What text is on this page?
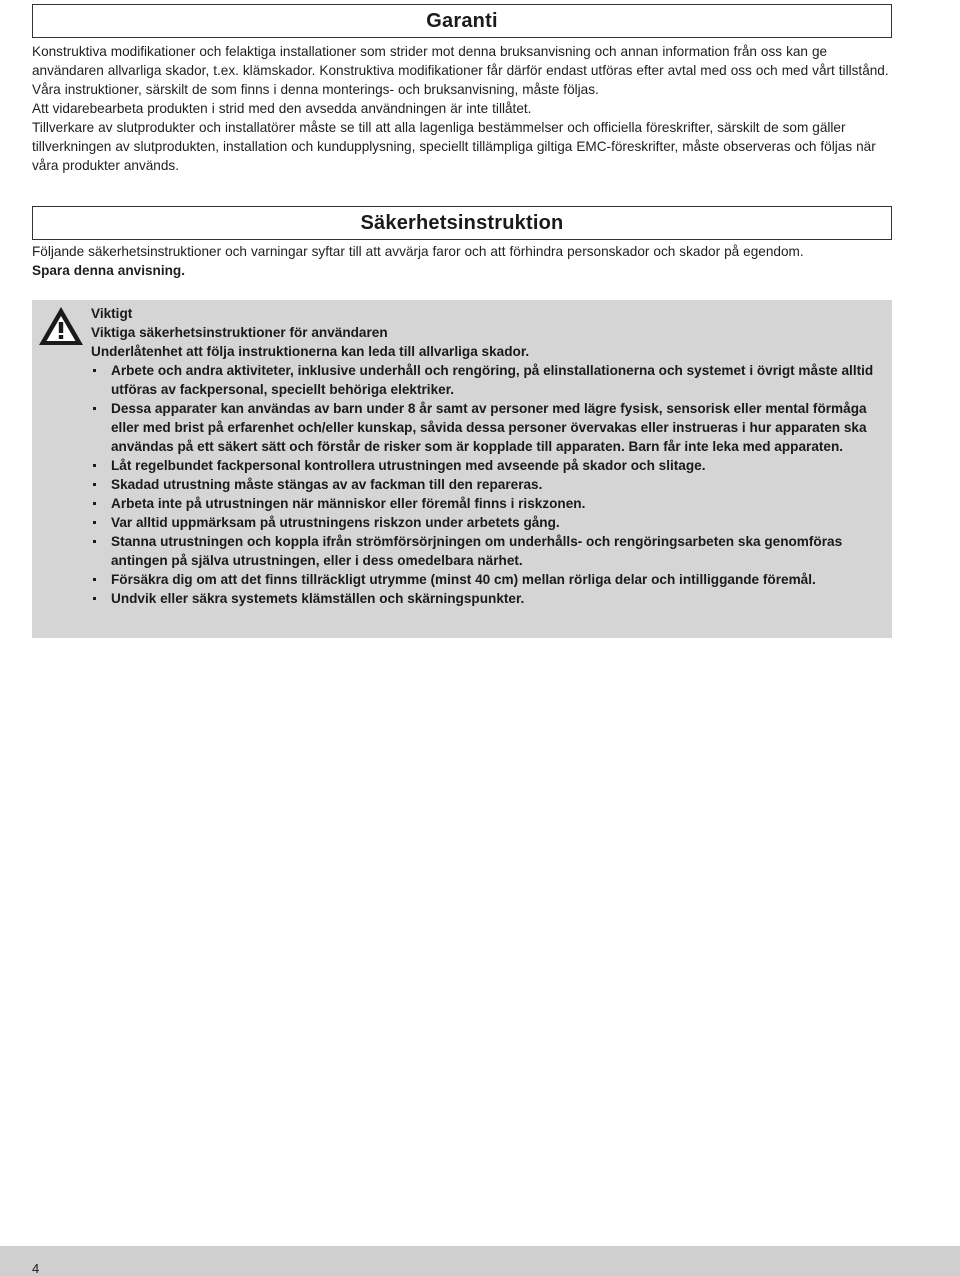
Garanti

Konstruktiva modifikationer och felaktiga installationer som strider mot denna bruksanvisning och annan information från oss kan ge användaren allvarliga skador, t.ex. klämskador. Konstruktiva modifikationer får därför endast utföras efter avtal med oss och med vårt tillstånd. Våra instruktioner, särskilt de som finns i denna monterings- och bruksanvisning, måste följas.

Att vidarebearbeta produkten i strid med den avsedda användningen är inte tillåtet.

Tillverkare av slutprodukter och installatörer måste se till att alla lagenliga bestämmelser och officiella föreskrifter, särskilt de som gäller tillverkningen av slutprodukten, installation och kundupplysning, speciellt tillämpliga giltiga EMC-föreskrifter, måste observeras och följas när våra produkter används.

Säkerhetsinstruktion

Följande säkerhetsinstruktioner och varningar syftar till att avvärja faror och att förhindra personskador och skador på egendom.

Spara denna anvisning.

Viktigt

Viktiga säkerhetsinstruktioner för användaren

Underlåtenhet att följa instruktionerna kan leda till allvarliga skador.

Arbete och andra aktiviteter, inklusive underhåll och rengöring, på elinstallationerna och systemet i övrigt måste alltid utföras av fackpersonal, speciellt behöriga elektriker.
Dessa apparater kan användas av barn under 8 år samt av personer med lägre fysisk, sensorisk eller mental förmåga eller med brist på erfarenhet och/eller kunskap, såvida dessa personer övervakas eller instrueras i hur apparaten ska användas på ett säkert sätt och förstår de risker som är kopplade till apparaten. Barn får inte leka med apparaten.
Låt regelbundet fackpersonal kontrollera utrustningen med avseende på skador och slitage.
Skadad utrustning måste stängas av av fackman till den repareras.
Arbeta inte på utrustningen när människor eller föremål finns i riskzonen.
Var alltid uppmärksam på utrustningens riskzon under arbetets gång.
Stanna utrustningen och koppla ifrån strömförsörjningen om underhålls- och rengöringsarbeten ska genomföras antingen på själva utrustningen, eller i dess omedelbara närhet.
Försäkra dig om att det finns tillräckligt utrymme (minst 40 cm) mellan rörliga delar och intilliggande föremål.
Undvik eller säkra systemets klämställen och skärningspunkter.
4
